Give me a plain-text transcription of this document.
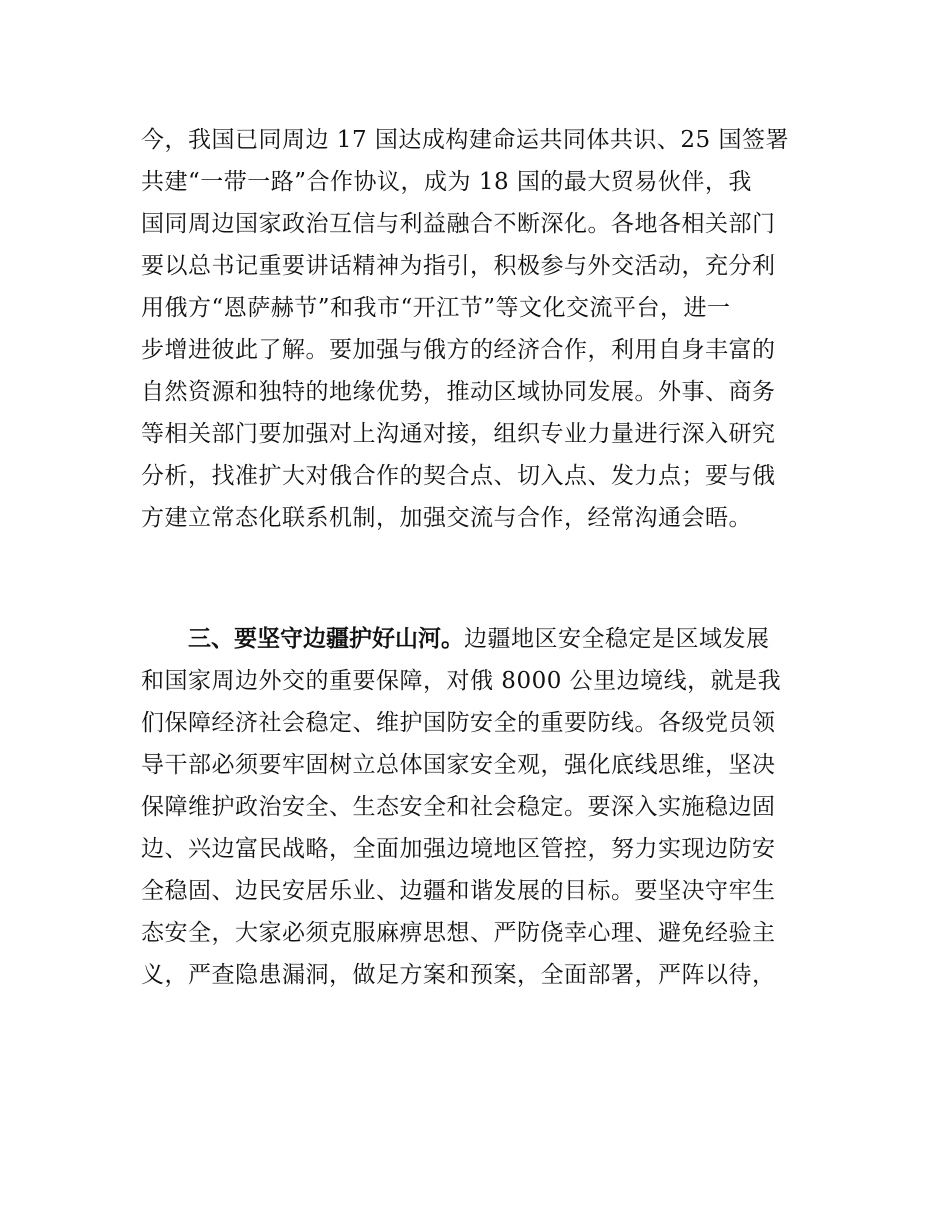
今，我国已同周边 17 国达成构建命运共同体共识、25 国签署
共建“一带一路”合作协议，成为 18 国的最大贸易伙伴，我
国同周边国家政治互信与利益融合不断深化。各地各相关部门
要以总书记重要讲话精神为指引，积极参与外交活动，充分利
用俄方“恩萨赫节”和我市“开江节”等文化交流平台，进一
步增进彼此了解。要加强与俄方的经济合作，利用自身丰富的
自然资源和独特的地缘优势，推动区域协同发展。外事、商务
等相关部门要加强对上沟通对接，组织专业力量进行深入研究
分析，找准扩大对俄合作的契合点、切入点、发力点；要与俄
方建立常态化联系机制，加强交流与合作，经常沟通会晤。
三、要坚守边疆护好山河。边疆地区安全稳定是区域发展
和国家周边外交的重要保障，对俄 8000 公里边境线，就是我
们保障经济社会稳定、维护国防安全的重要防线。各级党员领
导干部必须要牢固树立总体国家安全观，强化底线思维，坚决
保障维护政治安全、生态安全和社会稳定。要深入实施稳边固
边、兴边富民战略，全面加强边境地区管控，努力实现边防安
全稳固、边民安居乐业、边疆和谐发展的目标。要坚决守牢生
态安全，大家必须克服麻痹思想、严防侥幸心理、避免经验主
义，严查隐患漏洞，做足方案和预案，全面部署，严阵以待，
